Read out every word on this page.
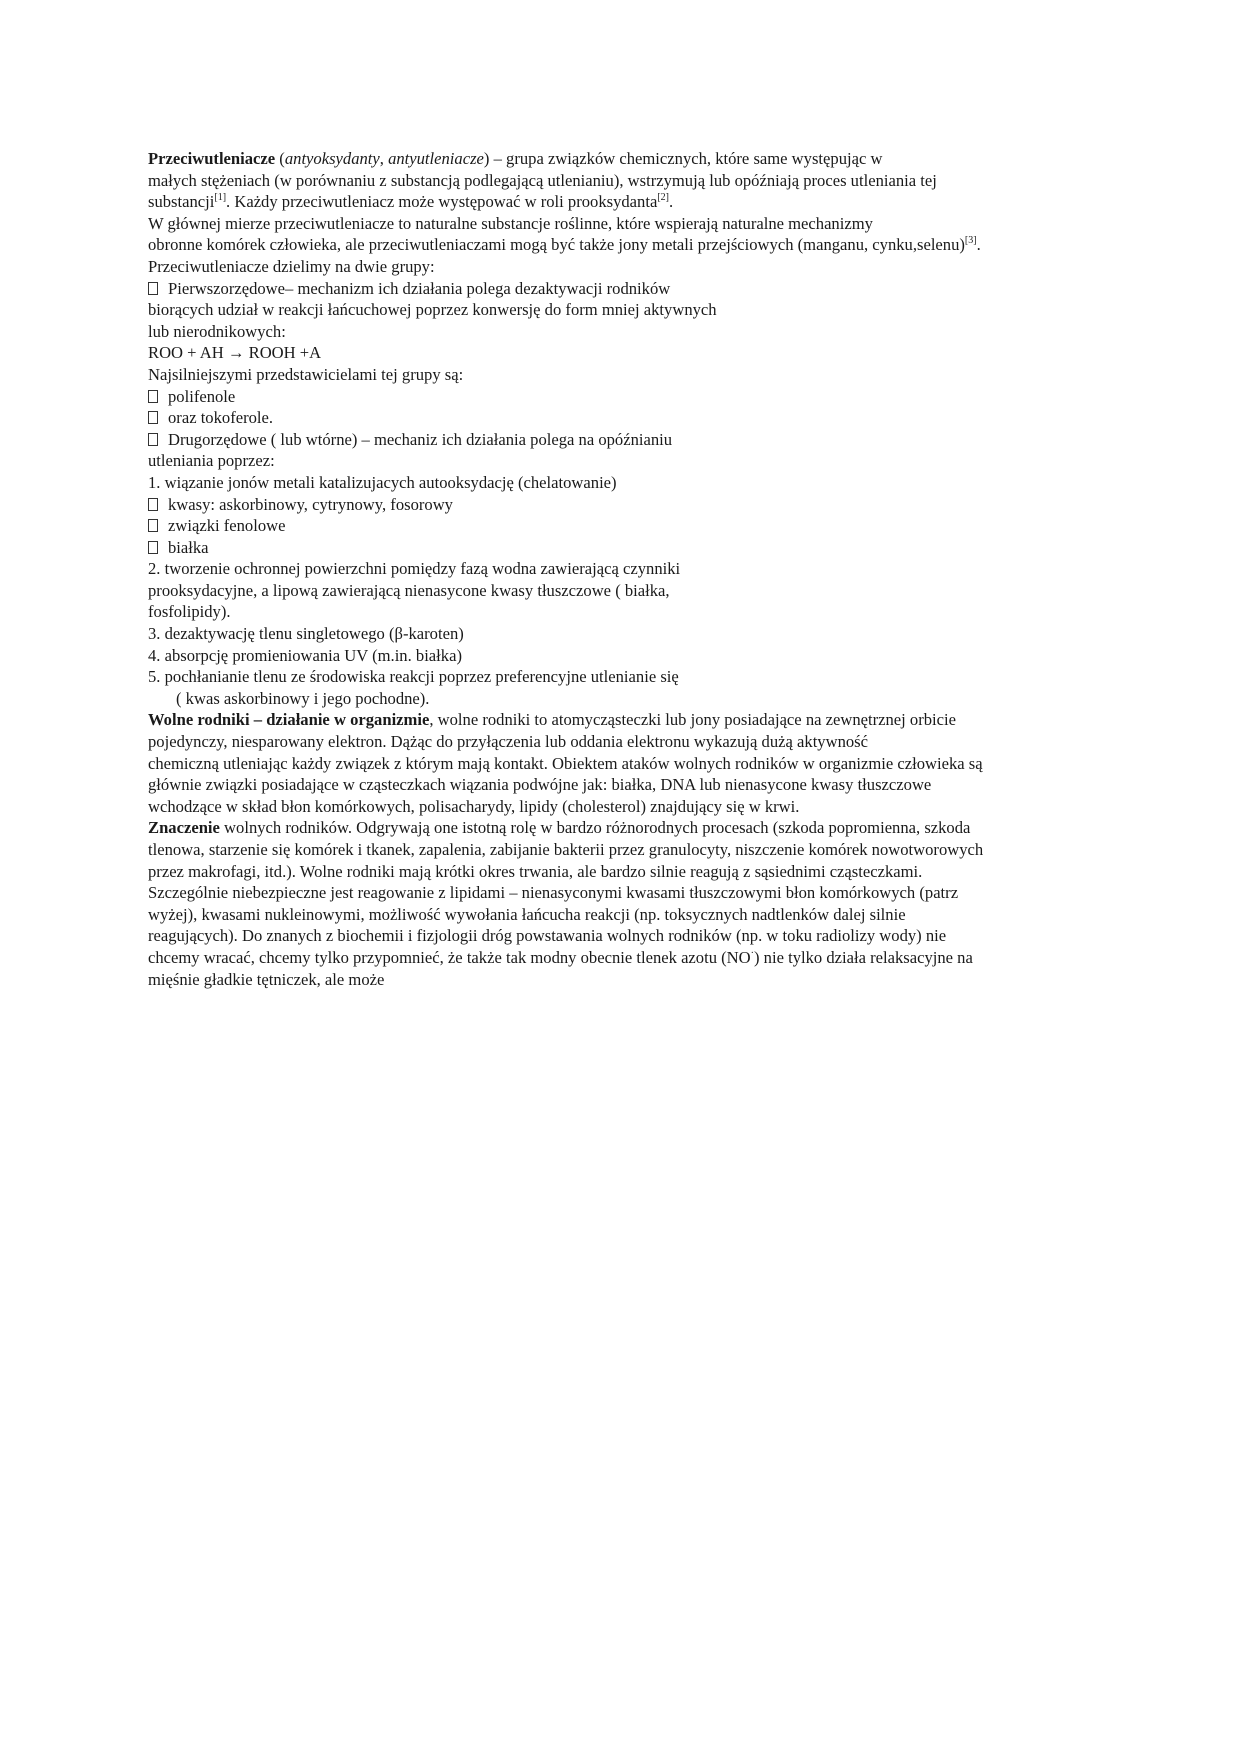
Przeciwutleniacze (antyoksydanty, antyutleniacze) – grupa związków chemicznych, które same występując w
małych stężeniach (w porównaniu z substancją podlegającą utlenianiu), wstrzymują lub opóźniają proces utleniania tej
substancji[1]. Każdy przeciwutleniacz może występować w roli prooksydanta[2].
W głównej mierze przeciwutleniacze to naturalne substancje roślinne, które wspierają naturalne mechanizmy
obronne komórek człowieka, ale przeciwutleniaczami mogą być także jony metali przejściowych (manganu, cynku,selenu)[3].
Przeciwutleniacze dzielimy na dwie grupy:
Pierwszorzędowe– mechanizm ich działania polega dezaktywacji rodników
biorących udział w reakcji łańcuchowej poprzez konwersję do form mniej aktywnych
lub nierodnikowych:
ROO + AH → ROOH +A
Najsilniejszymi przedstawicielami tej grupy są:
polifenole
oraz tokoferole.
Drugorzędowe ( lub wtórne) – mechaniz ich działania polega na opóźnianiu
utleniania poprzez:
1. wiązanie jonów metali katalizujacych autooksydację (chelatowanie)
kwasy: askorbinowy, cytrynowy, fosorowy
związki fenolowe
białka
2. tworzenie ochronnej powierzchni pomiędzy fazą wodna zawierającą czynniki
prooksydacyjne, a lipową zawierającą nienasycone kwasy tłuszczowe ( białka,
fosfolipidy).
3. dezaktywację tlenu singletowego (β-karoten)
4. absorpcję promieniowania UV (m.in. białka)
5. pochłanianie tlenu ze środowiska reakcji poprzez preferencyjne utlenianie się
( kwas askorbinowy i jego pochodne).
Wolne rodniki – działanie w organizmie, wolne rodniki to atomycząsteczki lub jony posiadające na zewnętrznej orbicie
pojedynczy, niesparowany elektron. Dążąc do przyłączenia lub oddania elektronu wykazują dużą aktywność
chemiczną utleniając każdy związek z którym mają kontakt. Obiektem ataków wolnych rodników w organizmie człowieka są
głównie związki posiadające w cząsteczkach wiązania podwójne jak: białka, DNA lub nienasycone kwasy tłuszczowe
wchodzące w skład błon komórkowych, polisacharydy, lipidy (cholesterol) znajdujący się w krwi.
Znaczenie wolnych rodników. Odgrywają one istotną rolę w bardzo różnorodnych procesach (szkoda popromienna, szkoda
tlenowa, starzenie się komórek i tkanek, zapalenia, zabijanie bakterii przez granulocyty, niszczenie komórek nowotworowych
przez makrofagi, itd.). Wolne rodniki mają krótki okres trwania, ale bardzo silnie reagują z sąsiednimi cząsteczkami.
Szczególnie niebezpieczne jest reagowanie z lipidami – nienasyconymi kwasami tłuszczowymi błon komórkowych (patrz
wyżej), kwasami nukleinowymi, możliwość wywołania łańcucha reakcji (np. toksycznych nadtlenków dalej silnie
reagujących). Do znanych z biochemii i fizjologii dróg powstawania wolnych rodników (np. w toku radiolizy wody) nie
chcemy wracać, chcemy tylko przypomnieć, że także tak modny obecnie tlenek azotu (NO·) nie tylko działa relaksacyjne na
mięśnie gładkie tętniczek, ale może
